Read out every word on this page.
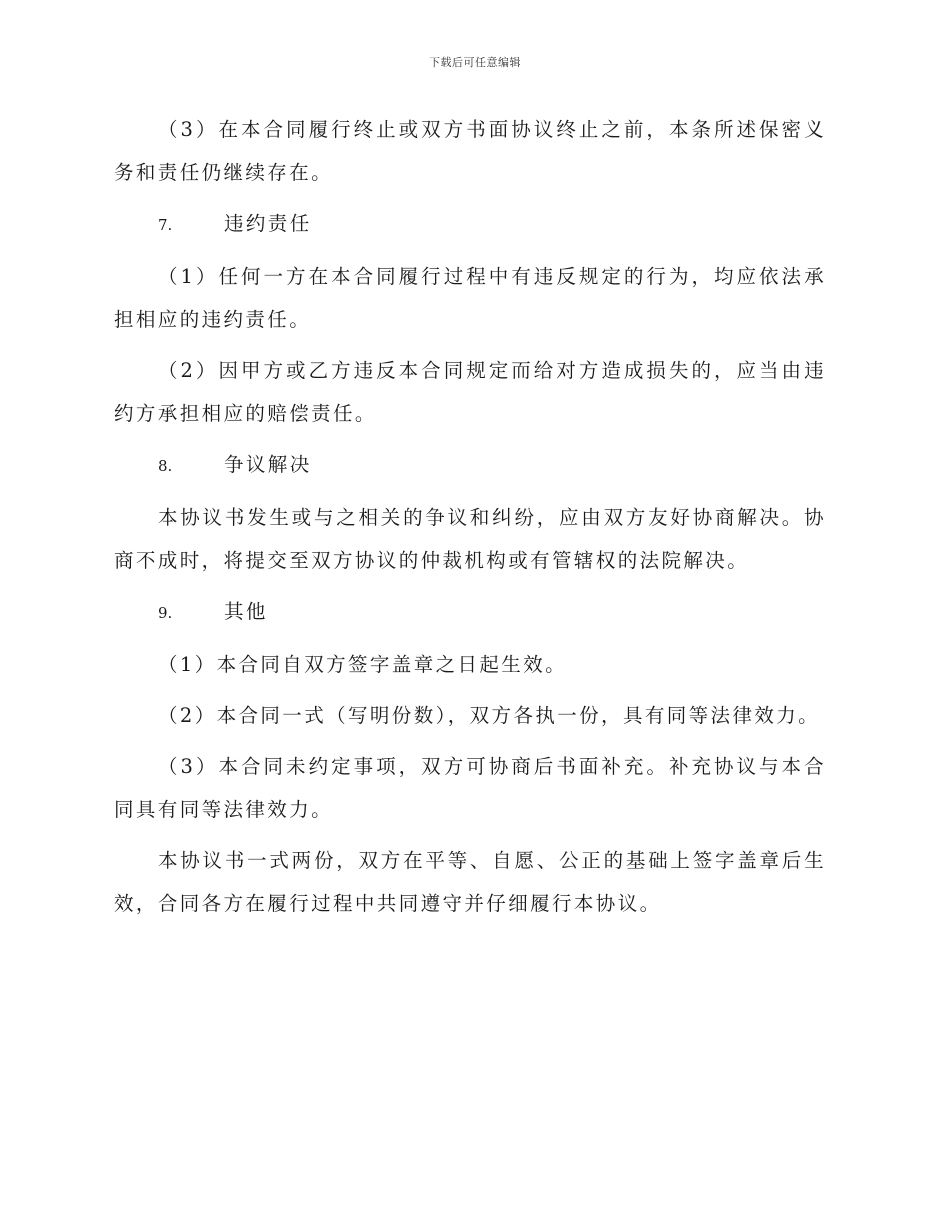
下载后可任意编辑

（3）在本合同履行终止或双方书面协议终止之前，本条所述保密义务和责任仍继续存在。

7.	违约责任

（1）任何一方在本合同履行过程中有违反规定的行为，均应依法承担相应的违约责任。

（2）因甲方或乙方违反本合同规定而给对方造成损失的，应当由违约方承担相应的赔偿责任。

8.	争议解决

本协议书发生或与之相关的争议和纠纷，应由双方友好协商解决。协商不成时，将提交至双方协议的仲裁机构或有管辖权的法院解决。

9.	其他

（1）本合同自双方签字盖章之日起生效。

（2）本合同一式（写明份数），双方各执一份，具有同等法律效力。

（3）本合同未约定事项，双方可协商后书面补充。补充协议与本合同具有同等法律效力。

本协议书一式两份，双方在平等、自愿、公正的基础上签字盖章后生效，合同各方在履行过程中共同遵守并仔细履行本协议。
